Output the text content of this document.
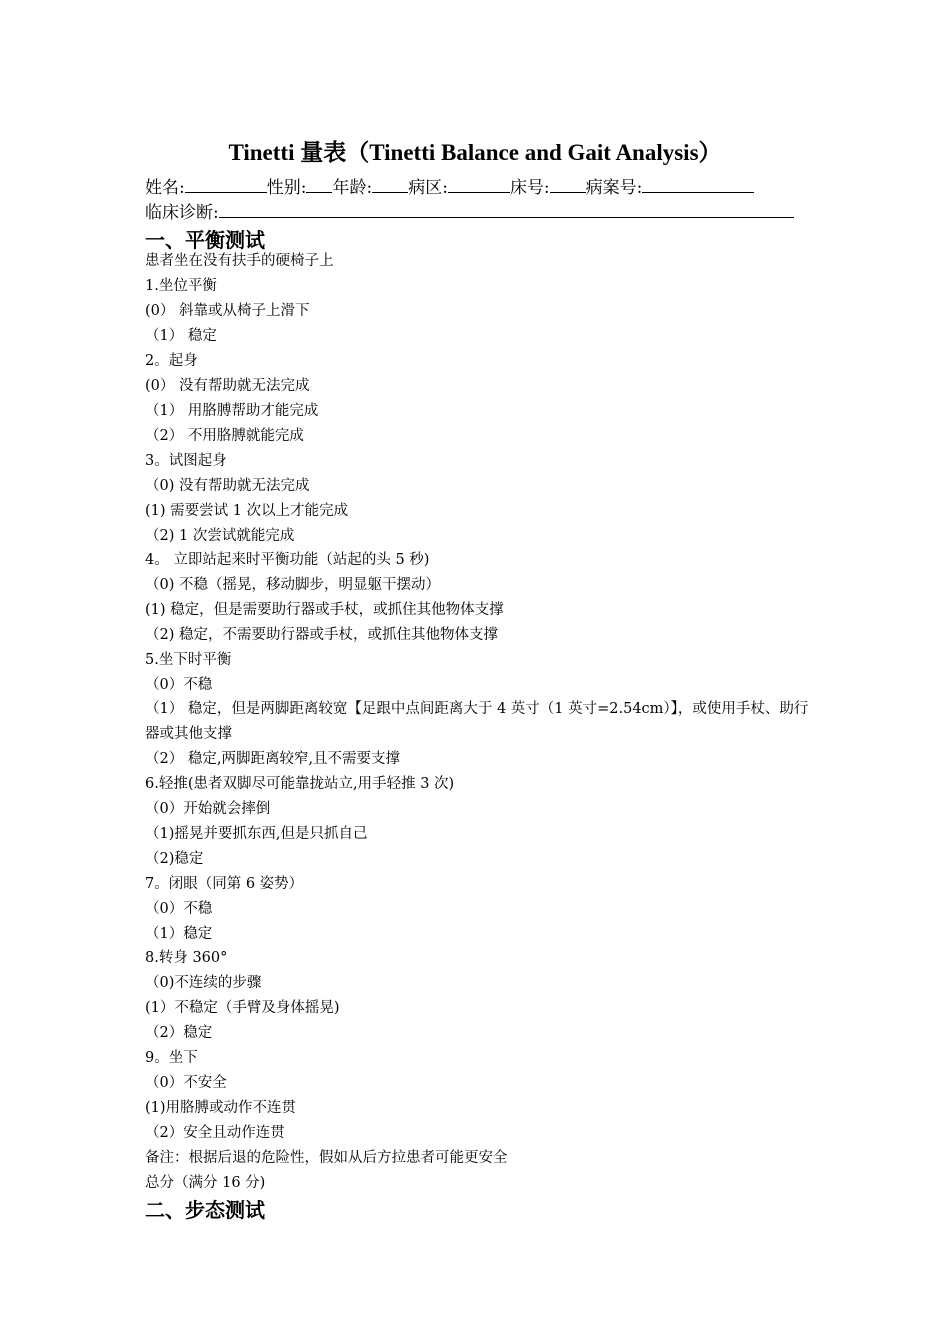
Tinetti 量表（Tinetti Balance and Gait Analysis）
姓名:	性别: 年龄: 病区:	床号: 病案号:
临床诊断:
一、平衡测试
患者坐在没有扶手的硬椅子上
1.坐位平衡
(0） 斜靠或从椅子上滑下
（1） 稳定
2。起身
(0） 没有帮助就无法完成
（1） 用胳膊帮助才能完成
（2） 不用胳膊就能完成
3。试图起身
（0) 没有帮助就无法完成
(1) 需要尝试 1 次以上才能完成
（2) 1 次尝试就能完成
4。 立即站起来时平衡功能（站起的头 5 秒)
（0) 不稳（摇晃，移动脚步，明显躯干摆动）
(1) 稳定，但是需要助行器或手杖，或抓住其他物体支撑
（2) 稳定，不需要助行器或手杖，或抓住其他物体支撑
5.坐下时平衡
（0）不稳
（1） 稳定，但是两脚距离较宽【足跟中点间距离大于 4 英寸（1 英寸=2.54cm）】，或使用手杖、助行器或其他支撑
（2） 稳定,两脚距离较窄,且不需要支撑
6.轻推(患者双脚尽可能靠拢站立,用手轻推 3 次)
（0）开始就会摔倒
（1)摇晃并要抓东西,但是只抓自己
（2)稳定
7。闭眼（同第 6 姿势）
（0）不稳
（1）稳定
8.转身 360°
（0)不连续的步骤
(1）不稳定（手臂及身体摇晃)
（2）稳定
9。坐下
（0）不安全
(1)用胳膊或动作不连贯
（2）安全且动作连贯
备注：根据后退的危险性，假如从后方拉患者可能更安全
总分（满分 16 分)
二、步态测试
